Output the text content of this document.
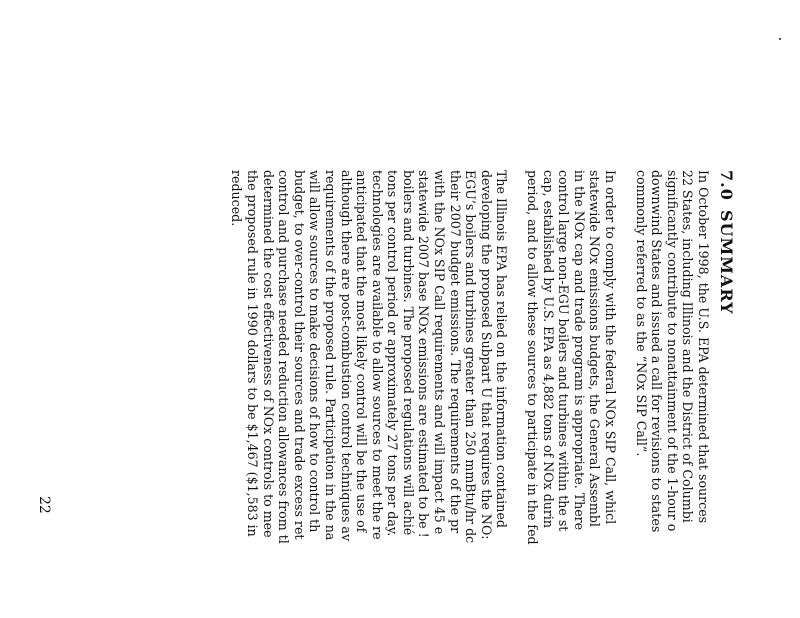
7.0SUMMARY
In October 1998, the U.S. EPA determined that sources
22 States, including Illinois and the District of Columbi
significantly contribute to nonattainment of the 1-hour o
downwind States and issued a call for revisions to states
commonly referred to as the “NOx SIP Call”.
In order to comply with the federal NOx SIP Call, whicl
statewide NOx emissions budgets, the General Assembl
in the NOx cap and trade program is appropriate. There
control large non-EGU boilers and turbines within the st
cap, established by U.S. EPA as 4,882 tons of NOx durin
period, and to allow these sources to participate in the fed
The Illinois EPA has relied on the information contained
developing the proposed Subpart U that requires the NO:
EGU’s boilers and turbines greater than 250 mmBtu/hr dc
their 2007 budget emissions. The requirements of the pr
with the NOx SIP Call requirements and will impact 45 e
statewide 2007 base NOx emissions are estimated to be !
boilers and turbines. The proposed regulations will achié
tons per control period or approximately 27 tons per day.
technologies are available to allow sources to meet the re
anticipated that the most likely control will be the use of
although there are post-combustion control techniques av
requirements of the proposed rule. Participation in the na
will allow sources to make decisions of how to control th
budget, to over-control their sources and trade excess ret
control and purchase needed reduction allowances from tl
determined the cost effectiveness of NOx controls to mee
the proposed rule in 1990 dollars to be $1,467 ($1,583 in
reduced.
22
